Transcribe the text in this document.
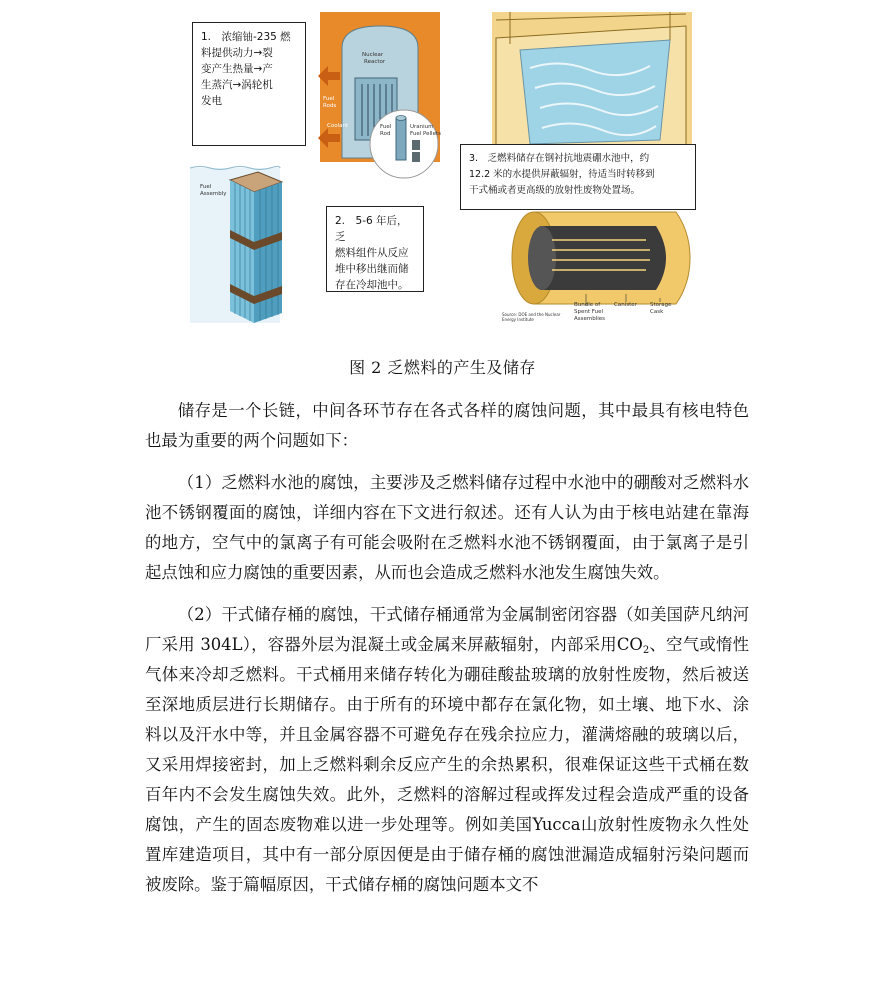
Nuclear
Reactor
Fuel
Rods
Coolant	Fuel
Rod
Uranium
Fuel Pellets
Fuel
Assembly
Bundle of
Spent Fuel
Assemblies
Canister Storage
Cask
Source: DOE and the Nuclear
Energy Institute
1.　浓缩铀-235 燃
料提供动力→裂
变产生热量→产
生蒸汽→涡轮机
发电
2.　5-6 年后，乏
燃料组件从反应
堆中移出继而储
存在冷却池中。
3.　乏燃料储存在钢衬抗地震硼水池中，约
12.2 米的水提供屏蔽辐射，待适当时转移到
干式桶或者更高级的放射性废物处置场。
图 2 乏燃料的产生及储存

储存是一个长链，中间各环节存在各式各样的腐蚀问题，其中最具有核电特色也最为重要的两个问题如下：

（1）乏燃料水池的腐蚀，主要涉及乏燃料储存过程中水池中的硼酸对乏燃料水池不锈钢覆面的腐蚀，详细内容在下文进行叙述。还有人认为由于核电站建在靠海的地方，空气中的氯离子有可能会吸附在乏燃料水池不锈钢覆面，由于氯离子是引起点蚀和应力腐蚀的重要因素，从而也会造成乏燃料水池发生腐蚀失效。

（2）干式储存桶的腐蚀，干式储存桶通常为金属制密闭容器（如美国萨凡纳河厂采用 304L），容器外层为混凝土或金属来屏蔽辐射，内部采用$CO_2$、空气或惰性气体来冷却乏燃料。干式桶用来储存转化为硼硅酸盐玻璃的放射性废物，然后被送至深地质层进行长期储存。由于所有的环境中都存在氯化物，如土壤、地下水、涂料以及汗水中等，并且金属容器不可避免存在残余拉应力，灌满熔融的玻璃以后，又采用焊接密封，加上乏燃料剩余反应产生的余热累积，很难保证这些干式桶在数百年内不会发生腐蚀失效。此外，乏燃料的溶解过程或挥发过程会造成严重的设备腐蚀，产生的固态废物难以进一步处理等。例如美国Yucca山放射性废物永久性处置库建造项目，其中有一部分原因便是由于储存桶的腐蚀泄漏造成辐射污染问题而被废除。鉴于篇幅原因，干式储存桶的腐蚀问题本文不
